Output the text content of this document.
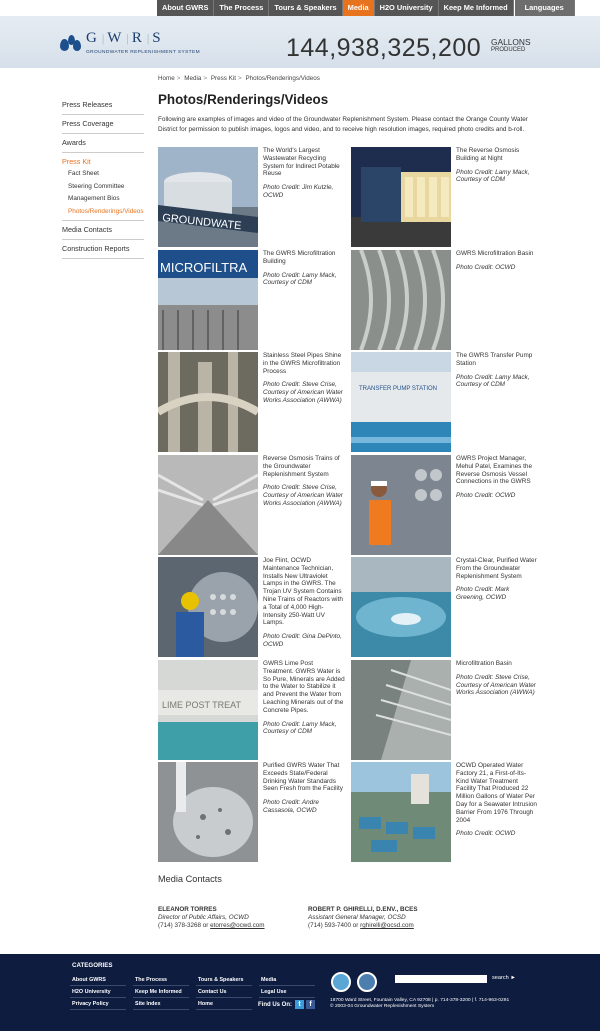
About GWRS	The Process	Tours & Speakers	Media	H2O University	Keep Me Informed	Languages
G|W|R|S
GROUNDWATER REPLENISHMENT SYSTEM	144,938,325,200 GALLONS
PRODUCED
Home > Media > Press Kit > Photos/Renderings/Videos
Press Releases
Press Coverage
Awards
Press Kit
Fact Sheet
Steering Committee
Management Bios
Photos/Renderings/Videos
Media Contacts
Construction Reports
Photos/Renderings/Videos

Following are examples of images and video of the Groundwater Replenishment System. Please contact the Orange County Water District for permission to publish images, logos and video, and to receive high resolution images, required photo credits and b-roll.

GROUNDWATE
The World's Largest Wastewater Recycling System for Indirect Potable Reuse
Photo Credit: Jim Kutzle, OCWD
The Reverse Osmosis Building at Night
Photo Credit: Lamy Mack, Courtesy of CDM
MICROFILTRA
The GWRS Microfiltration Building
Photo Credit: Lamy Mack, Courtesy of CDM
GWRS Microfiltration Basin
Photo Credit: OCWD
Stainless Steel Pipes Shine in the GWRS Microfiltration Process
Photo Credit: Steve Crise, Courtesy of American Water Works Association (AWWA)
TRANSFER PUMP STATION
The GWRS Transfer Pump Station
Photo Credit: Lamy Mack, Courtesy of CDM
Reverse Osmosis Trains of the Groundwater Replenishment System
Photo Credit: Steve Crise, Courtesy of American Water Works Association (AWWA)
GWRS Project Manager, Mehul Patel, Examines the Reverse Osmosis Vessel Connections in the GWRS
Photo Credit: OCWD
Joe Flint, OCWD Maintenance Technician, Installs New Ultraviolet Lamps in the GWRS. The Trojan UV System Contains Nine Trains of Reactors with a Total of 4,000 High-Intensity 250-Watt UV Lamps.
Photo Credit: Gina DePinto, OCWD
Crystal-Clear, Purified Water From the Groundwater Replenishment System
Photo Credit: Mark Greening, OCWD
LIME POST TREAT
GWRS Lime Post Treatment. GWRS Water is So Pure, Minerals are Added to the Water to Stabilize it and Prevent the Water from Leaching Minerals out of the Concrete Pipes.
Photo Credit: Lamy Mack, Courtesy of CDM
Microfiltration Basin
Photo Credit: Steve Crise, Courtesy of American Water Works Association (AWWA)
Purified GWRS Water That Exceeds State/Federal Drinking Water Standards Seen Fresh from the Facility
Photo Credit: Andre Cassasola, OCWD
OCWD Operated Water Factory 21, a First-of-Its-Kind Water Treatment Facility That Produced 22 Million Gallons of Water Per Day for a Seawater Intrusion Barrier From 1976 Through 2004
Photo Credit: OCWD
Media Contacts
ELEANOR TORRES
Director of Public Affairs, OCWD
(714) 378-3268 or etorres@ocwd.com
ROBERT P. GHIRELLI, D.ENV., BCES
Assistant General Manager, OCSD
(714) 593-7400 or rghirelli@ocsd.com
CATEGORIES
About GWRS
H2O University
Privacy Policy
The Process
Keep Me Informed
Site Index
Tours & Speakers
Contact Us
Home
Media
Legal Use
Find Us On: t	f
search ►
18700 Ward Street, Fountain Valley, CA 92708 | p. 714-378-3200 | f. 714-963-0291
© 2003-04 Groundwater Replenishment System
